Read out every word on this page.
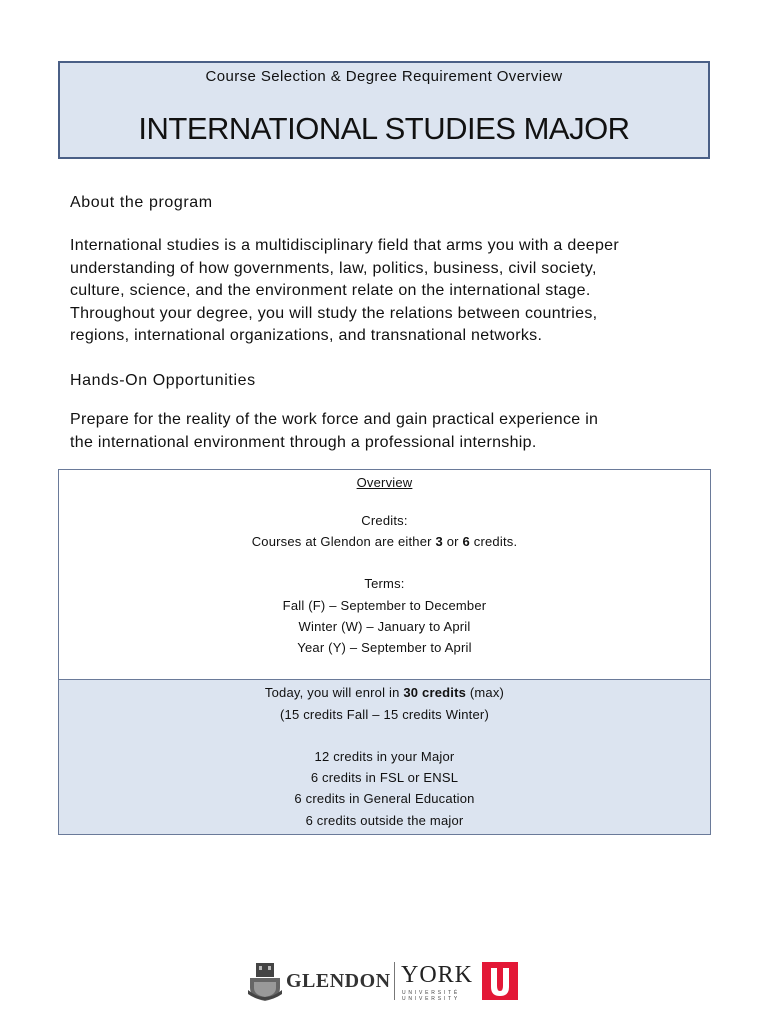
Course Selection & Degree Requirement Overview
INTERNATIONAL STUDIES MAJOR
About the program
International studies is a multidisciplinary field that arms you with a deeper
understanding of how governments, law, politics, business, civil society,
culture, science, and the environment relate on the international stage.
Throughout your degree, you will study the relations between countries,
regions, international organizations, and transnational networks.
Hands-On Opportunities
Prepare for the reality of the work force and gain practical experience in
the international environment through a professional internship.
Overview
Credits:
Courses at Glendon are either 3 or 6 credits.
Terms:
Fall (F) – September to December
Winter (W) – January to April
Year (Y) – September to April
Today, you will enrol in 30 credits (max)
(15 credits Fall – 15 credits Winter)
12 credits in your Major
6 credits in FSL or ENSL
6 credits in General Education
6 credits outside the major
GLENDON YORK
UNIVERSITÉ
UNIVERSITY
